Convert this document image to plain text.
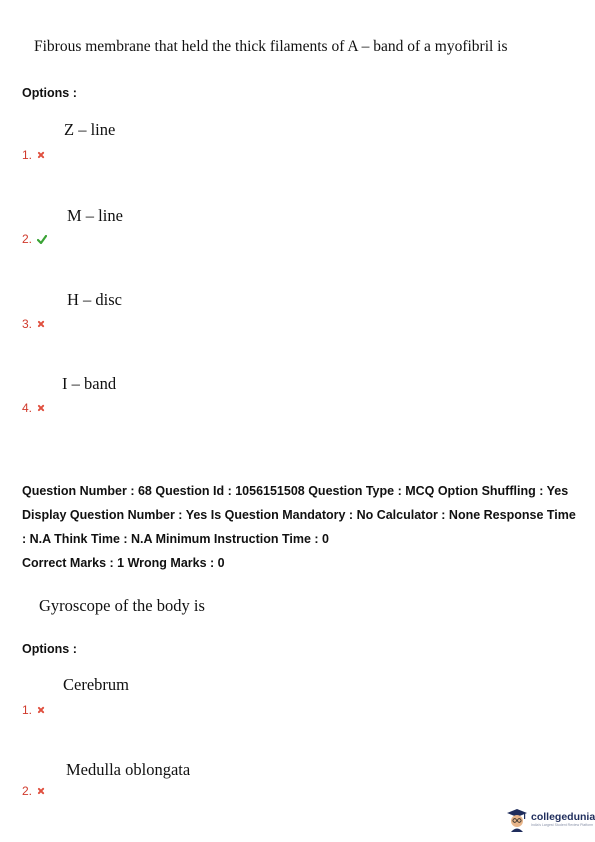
Fibrous membrane that held the thick filaments of A – band of a myofibril is
Options :
Z – line
1.
M – line
2.
H – disc
3.
I – band
4.
Question Number : 68 Question Id : 1056151508 Question Type : MCQ Option Shuffling : Yes Display Question Number : Yes Is Question Mandatory : No Calculator : None Response Time : N.A Think Time : N.A Minimum Instruction Time : 0
Correct Marks : 1 Wrong Marks : 0
Gyroscope of the body is
Options :
Cerebrum
1.
Medulla oblongata
2.
collegedunia
India's Largest Student Review Platform
